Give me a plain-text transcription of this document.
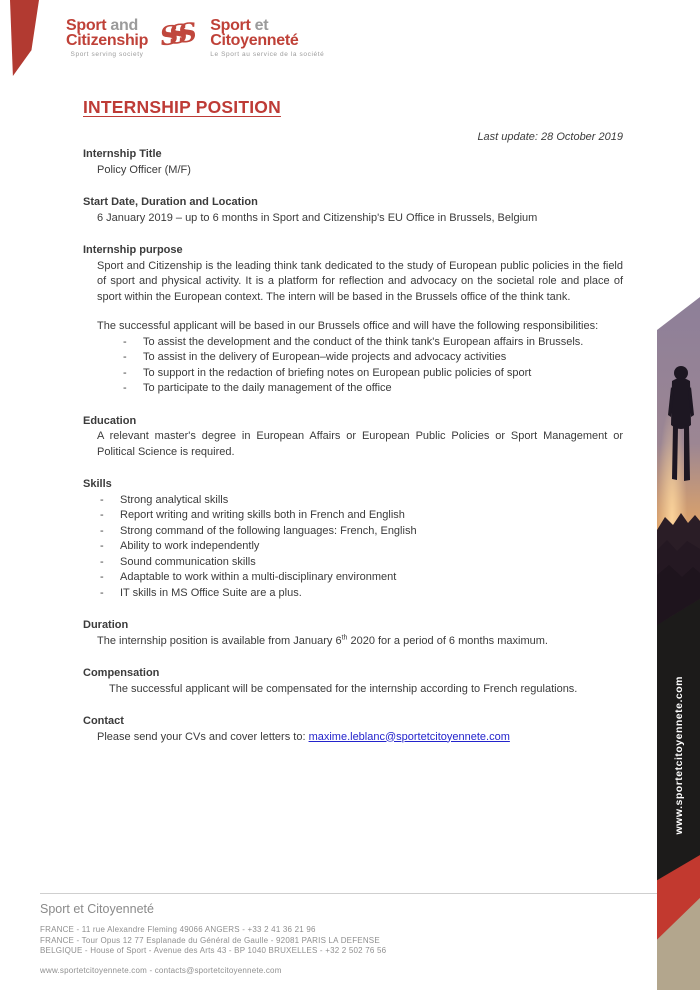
Sport and
Citizenship
Sport serving society
SSS	Sport et
Citoyenneté
Le Sport au service de la société
INTERNSHIP POSITION
Last update: 28 October 2019
Internship Title
Policy Officer (M/F)
Start Date, Duration and Location
6 January 2019 – up to 6 months in Sport and Citizenship's EU Office in Brussels, Belgium
Internship purpose
Sport and Citizenship is the leading think tank dedicated to the study of European public policies in the field of sport and physical activity. It is a platform for reflection and advocacy on the societal role and place of sport within the European context. The intern will be based in the Brussels office of the think tank.
The successful applicant will be based in our Brussels office and will have the following responsibilities:
-	To assist the development and the conduct of the think tank's European affairs in Brussels.
-	To assist in the delivery of European–wide projects and advocacy activities
-	To support in the redaction of briefing notes on European public policies of sport
-	To participate to the daily management of the office
Education
A relevant master's degree in European Affairs or European Public Policies or Sport Management or Political Science is required.
Skills
-	Strong analytical skills
-	Report writing and writing skills both in French and English
-	Strong command of the following languages: French, English
-	Ability to work independently
-	Sound communication skills
-	Adaptable to work within a multi-disciplinary environment
-	IT skills in MS Office Suite are a plus.
Duration
The internship position is available from January 6th 2020 for a period of 6 months maximum.
Compensation
The successful applicant will be compensated for the internship according to French regulations.
Contact
Please send your CVs and cover letters to: maxime.leblanc@sportetcitoyennete.com	www.sportetcitoyennete.com
Sport et Citoyenneté
FRANCE - 11 rue Alexandre Fleming 49066 ANGERS - +33 2 41 36 21 96
FRANCE - Tour Opus 12 77 Esplanade du Général de Gaulle - 92081 PARIS LA DEFENSE
BELGIQUE - House of Sport - Avenue des Arts 43 - BP 1040 BRUXELLES - +32 2 502 76 56
www.sportetcitoyennete.com - contacts@sportetcitoyennete.com
